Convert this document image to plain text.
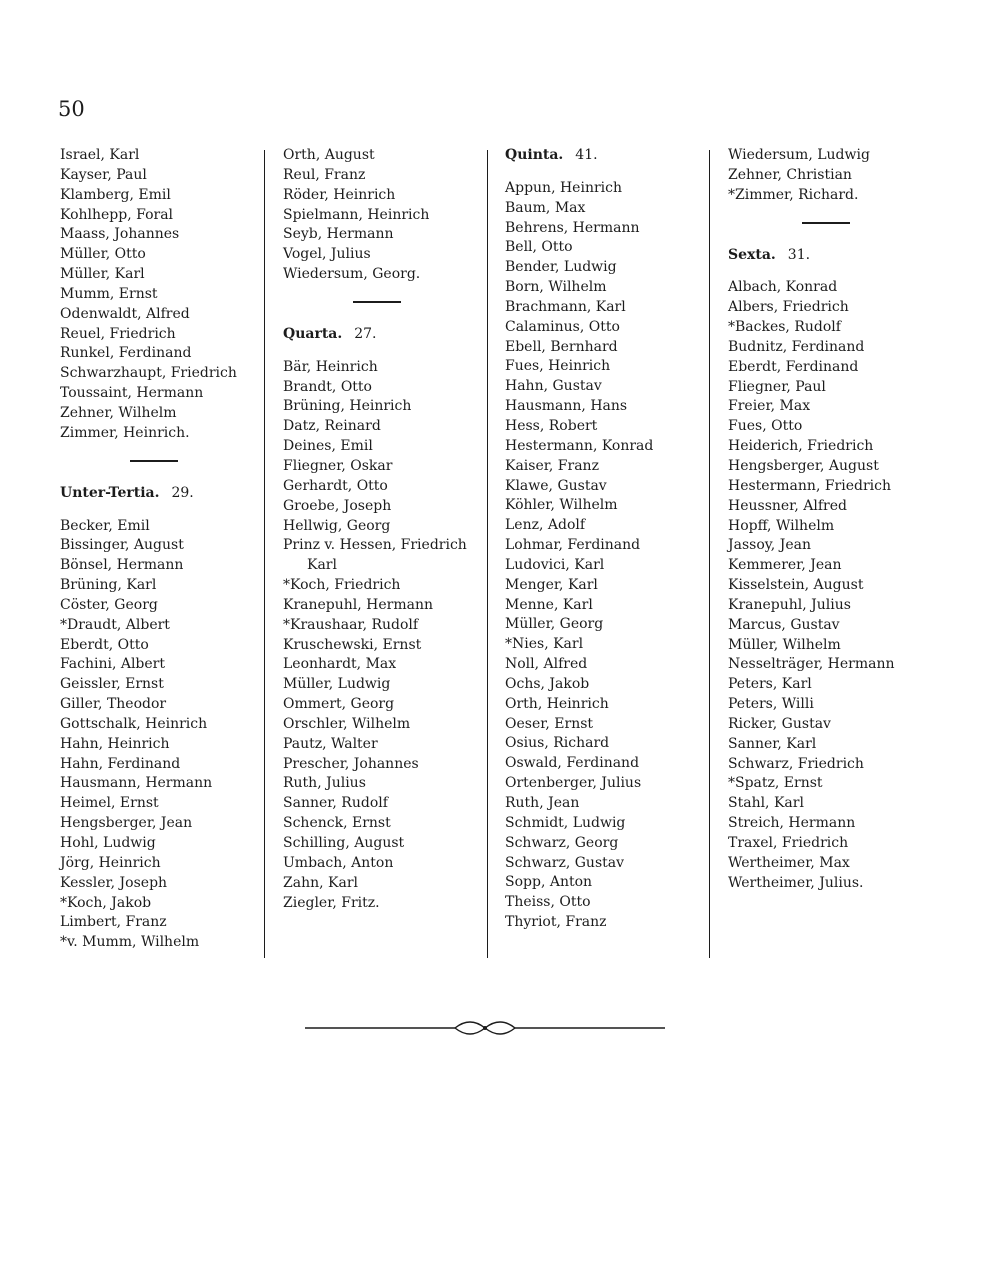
50
Israel, Karl
Kayser, Paul
Klamberg, Emil
Kohlhepp, Foral
Maass, Johannes
Müller, Otto
Müller, Karl
Mumm, Ernst
Odenwaldt, Alfred
Reuel, Friedrich
Runkel, Ferdinand
Schwarzhaupt, Friedrich
Toussaint, Hermann
Zehner, Wilhelm
Zimmer, Heinrich.
Unter-Tertia. 29.
Becker, Emil
Bissinger, August
Bönsel, Hermann
Brüning, Karl
Cöster, Georg
*Draudt, Albert
Eberdt, Otto
Fachini, Albert
Geissler, Ernst
Giller, Theodor
Gottschalk, Heinrich
Hahn, Heinrich
Hahn, Ferdinand
Hausmann, Hermann
Heimel, Ernst
Hengsberger, Jean
Hohl, Ludwig
Jörg, Heinrich
Kessler, Joseph
*Koch, Jakob
Limbert, Franz
*v. Mumm, Wilhelm
Orth, August
Reul, Franz
Röder, Heinrich
Spielmann, Heinrich
Seyb, Hermann
Vogel, Julius
Wiedersum, Georg.
Quarta. 27.
Bär, Heinrich
Brandt, Otto
Brüning, Heinrich
Datz, Reinard
Deines, Emil
Fliegner, Oskar
Gerhardt, Otto
Groebe, Joseph
Hellwig, Georg
Prinz v. Hessen, Friedrich
Karl
*Koch, Friedrich
Kranepuhl, Hermann
*Kraushaar, Rudolf
Kruschewski, Ernst
Leonhardt, Max
Müller, Ludwig
Ommert, Georg
Orschler, Wilhelm
Pautz, Walter
Prescher, Johannes
Ruth, Julius
Sanner, Rudolf
Schenck, Ernst
Schilling, August
Umbach, Anton
Zahn, Karl
Ziegler, Fritz.
Quinta. 41.
Appun, Heinrich
Baum, Max
Behrens, Hermann
Bell, Otto
Bender, Ludwig
Born, Wilhelm
Brachmann, Karl
Calaminus, Otto
Ebell, Bernhard
Fues, Heinrich
Hahn, Gustav
Hausmann, Hans
Hess, Robert
Hestermann, Konrad
Kaiser, Franz
Klawe, Gustav
Köhler, Wilhelm
Lenz, Adolf
Lohmar, Ferdinand
Ludovici, Karl
Menger, Karl
Menne, Karl
Müller, Georg
*Nies, Karl
Noll, Alfred
Ochs, Jakob
Orth, Heinrich
Oeser, Ernst
Osius, Richard
Oswald, Ferdinand
Ortenberger, Julius
Ruth, Jean
Schmidt, Ludwig
Schwarz, Georg
Schwarz, Gustav
Sopp, Anton
Theiss, Otto
Thyriot, Franz
Wiedersum, Ludwig
Zehner, Christian
*Zimmer, Richard.
Sexta. 31.
Albach, Konrad
Albers, Friedrich
*Backes, Rudolf
Budnitz, Ferdinand
Eberdt, Ferdinand
Fliegner, Paul
Freier, Max
Fues, Otto
Heiderich, Friedrich
Hengsberger, August
Hestermann, Friedrich
Heussner, Alfred
Hopff, Wilhelm
Jassoy, Jean
Kemmerer, Jean
Kisselstein, August
Kranepuhl, Julius
Marcus, Gustav
Müller, Wilhelm
Nesselträger, Hermann
Peters, Karl
Peters, Willi
Ricker, Gustav
Sanner, Karl
Schwarz, Friedrich
*Spatz, Ernst
Stahl, Karl
Streich, Hermann
Traxel, Friedrich
Wertheimer, Max
Wertheimer, Julius.
